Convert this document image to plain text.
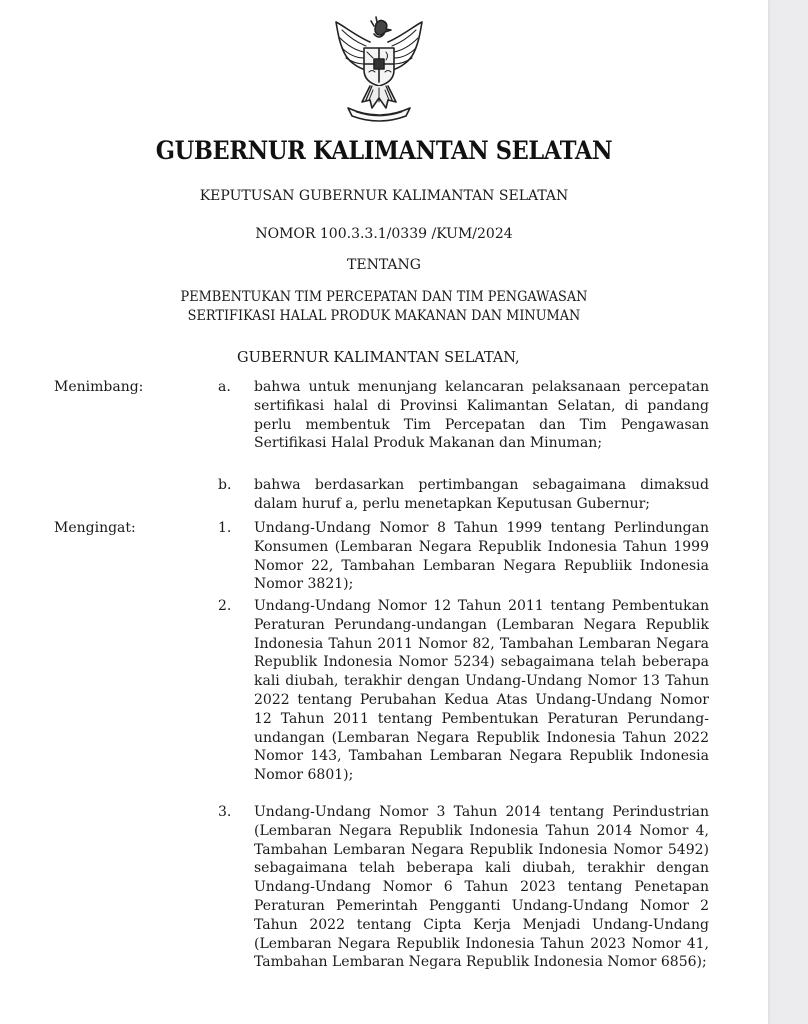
GUBERNUR KALIMANTAN SELATAN
KEPUTUSAN GUBERNUR KALIMANTAN SELATAN
NOMOR 100.3.3.1/0339 /KUM/2024
TENTANG
PEMBENTUKAN TIM PERCEPATAN DAN TIM PENGAWASAN
SERTIFIKASI HALAL PRODUK MAKANAN DAN MINUMAN
GUBERNUR KALIMANTAN SELATAN,
Menimbang:	a. bahwa untuk menunjang kelancaran pelaksanaan percepatan sertifikasi halal di Provinsi Kalimantan Selatan, di pandang perlu membentuk Tim Percepatan dan Tim Pengawasan Sertifikasi Halal Produk Makanan dan Minuman;

b. bahwa berdasarkan pertimbangan sebagaimana dimaksud dalam huruf a, perlu menetapkan Keputusan Gubernur;

Mengingat:	1. Undang-Undang Nomor 8 Tahun 1999 tentang Perlindungan Konsumen (Lembaran Negara Republik Indonesia Tahun 1999 Nomor 22, Tambahan Lembaran Negara Republiik Indonesia Nomor 3821);

2. Undang-Undang Nomor 12 Tahun 2011 tentang Pembentukan Peraturan Perundang-undangan (Lembaran Negara Republik Indonesia Tahun 2011 Nomor 82, Tambahan Lembaran Negara Republik Indonesia Nomor 5234) sebagaimana telah beberapa kali diubah, terakhir dengan Undang-Undang Nomor 13 Tahun 2022 tentang Perubahan Kedua Atas Undang-Undang Nomor 12 Tahun 2011 tentang Pembentukan Peraturan Perundang-undangan (Lembaran Negara Republik Indonesia Tahun 2022 Nomor 143, Tambahan Lembaran Negara Republik Indonesia Nomor 6801);

3. Undang-Undang Nomor 3 Tahun 2014 tentang Perindustrian (Lembaran Negara Republik Indonesia Tahun 2014 Nomor 4, Tambahan Lembaran Negara Republik Indonesia Nomor 5492) sebagaimana telah beberapa kali diubah, terakhir dengan Undang-Undang Nomor 6 Tahun 2023 tentang Penetapan Peraturan Pemerintah Pengganti Undang-Undang Nomor 2 Tahun 2022 tentang Cipta Kerja Menjadi Undang-Undang (Lembaran Negara Republik Indonesia Tahun 2023 Nomor 41, Tambahan Lembaran Negara Republik Indonesia Nomor 6856);
